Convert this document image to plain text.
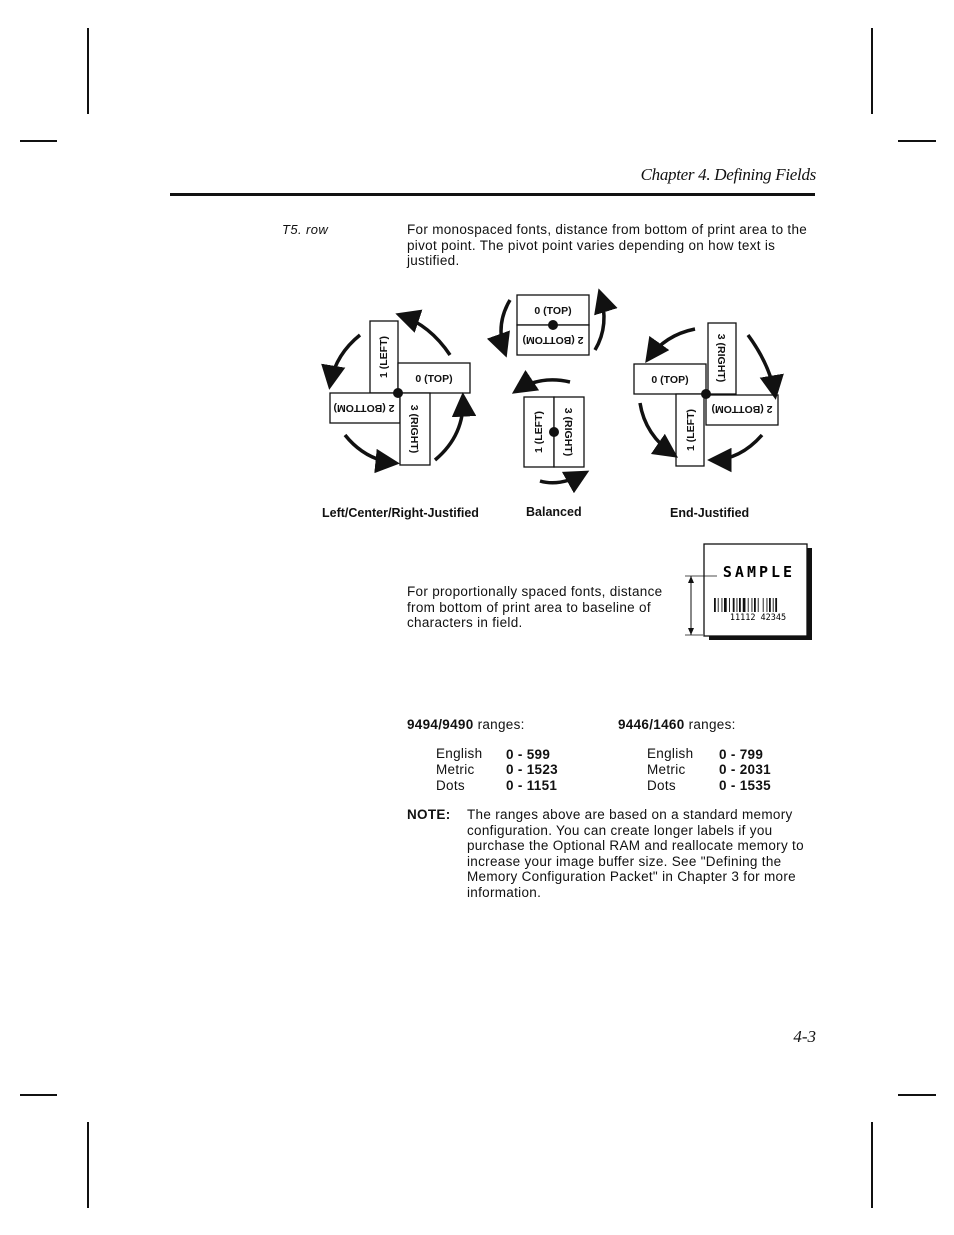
Chapter 4. Defining Fields
T5. row	For monospaced fonts, distance from bottom of print area to the pivot point. The pivot point varies depending on how text is justified.
0 (TOP)
1 (LEFT)
2 (BOTTOM) 3 (RIGHT)
0 (TOP)
2 (BOTTOM)
1 (LEFT) 3 (RIGHT)
0 (TOP)	3 (RIGHT)
1 (LEFT) 2 (BOTTOM)
Left/Center/Right-Justified	Balanced	End-Justified
For proportionally spaced fonts, distance from bottom of print area to baseline of characters in field.
SAMPLE
11112 42345
9494/9490 ranges:	9446/1460 ranges:
English 0 - 599
Metric 0 - 1523
Dots	0 - 1151
English 0 - 799
Metric 0 - 2031
Dots	0 - 1535
NOTE: The ranges above are based on a standard memory configuration. You can create longer labels if you purchase the Optional RAM and reallocate memory to increase your image buffer size. See "Defining the Memory Configuration Packet" in Chapter 3 for more information.
4-3
